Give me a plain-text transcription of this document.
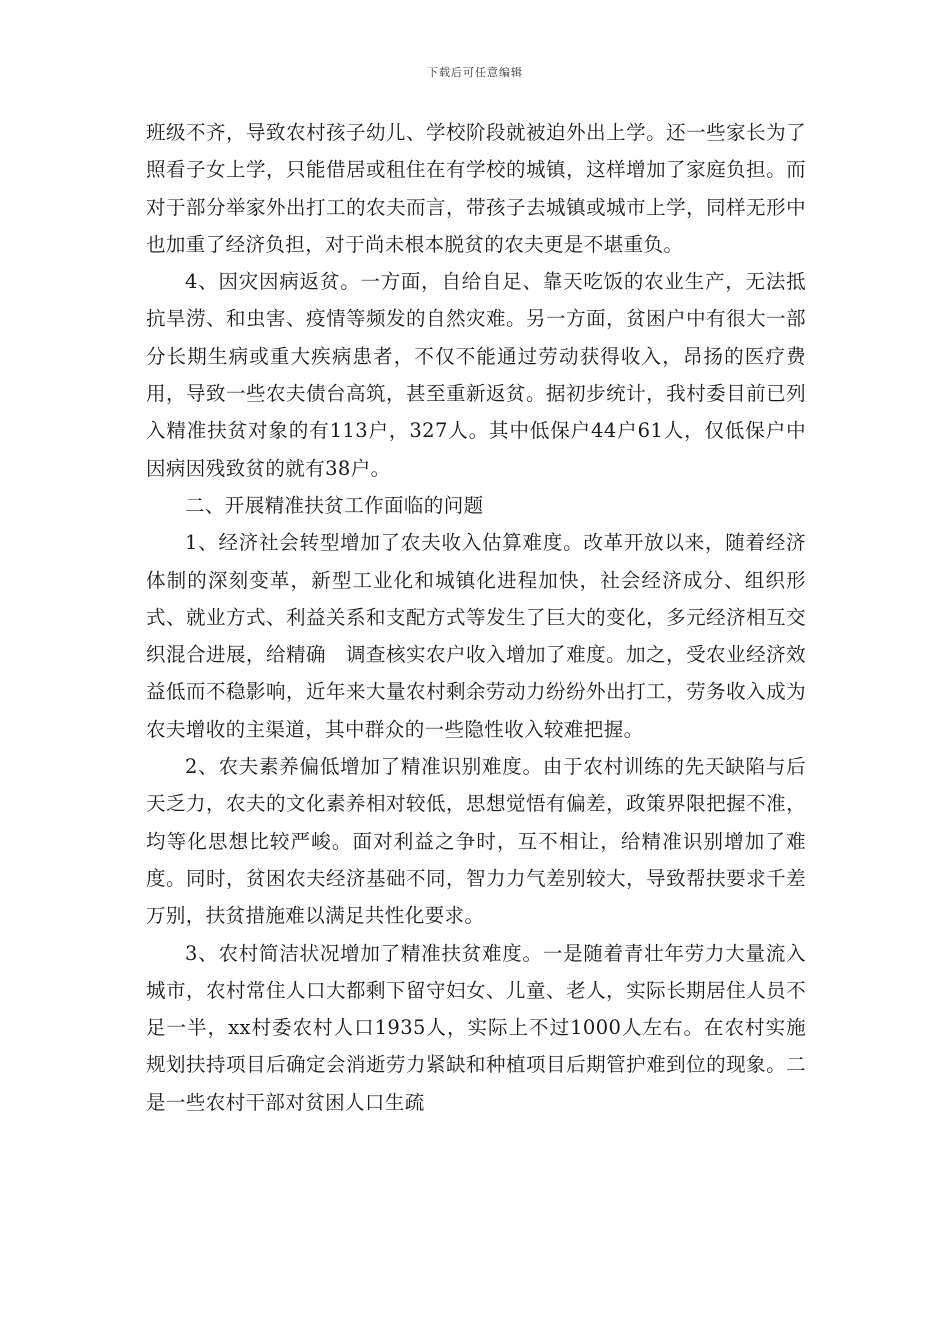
下载后可任意编辑

班级不齐，导致农村孩子幼儿、学校阶段就被迫外出上学。还一些家长为了照看子女上学，只能借居或租住在有学校的城镇，这样增加了家庭负担。而对于部分举家外出打工的农夫而言，带孩子去城镇或城市上学，同样无形中也加重了经济负担，对于尚未根本脱贫的农夫更是不堪重负。

4、因灾因病返贫。一方面，自给自足、靠天吃饭的农业生产，无法抵抗旱涝、和虫害、疫情等频发的自然灾难。另一方面，贫困户中有很大一部分长期生病或重大疾病患者，不仅不能通过劳动获得收入，昂扬的医疗费用，导致一些农夫债台高筑，甚至重新返贫。据初步统计，我村委目前已列入精准扶贫对象的有113户，327人。其中低保户44户61人，仅低保户中因病因残致贫的就有38户。

二、开展精准扶贫工作面临的问题

1、经济社会转型增加了农夫收入估算难度。改革开放以来，随着经济体制的深刻变革，新型工业化和城镇化进程加快，社会经济成分、组织形式、就业方式、利益关系和支配方式等发生了巨大的变化，多元经济相互交织混合进展，给精确　调查核实农户收入增加了难度。加之，受农业经济效益低而不稳影响，近年来大量农村剩余劳动力纷纷外出打工，劳务收入成为农夫增收的主渠道，其中群众的一些隐性收入较难把握。

2、农夫素养偏低增加了精准识别难度。由于农村训练的先天缺陷与后天乏力，农夫的文化素养相对较低，思想觉悟有偏差，政策界限把握不准，均等化思想比较严峻。面对利益之争时，互不相让，给精准识别增加了难度。同时，贫困农夫经济基础不同，智力力气差别较大，导致帮扶要求千差万别，扶贫措施难以满足共性化要求。

3、农村简洁状况增加了精准扶贫难度。一是随着青壮年劳力大量流入城市，农村常住人口大都剩下留守妇女、儿童、老人，实际长期居住人员不足一半，xx村委农村人口1935人，实际上不过1000人左右。在农村实施规划扶持项目后确定会消逝劳力紧缺和种植项目后期管护难到位的现象。二是一些农村干部对贫困人口生疏
